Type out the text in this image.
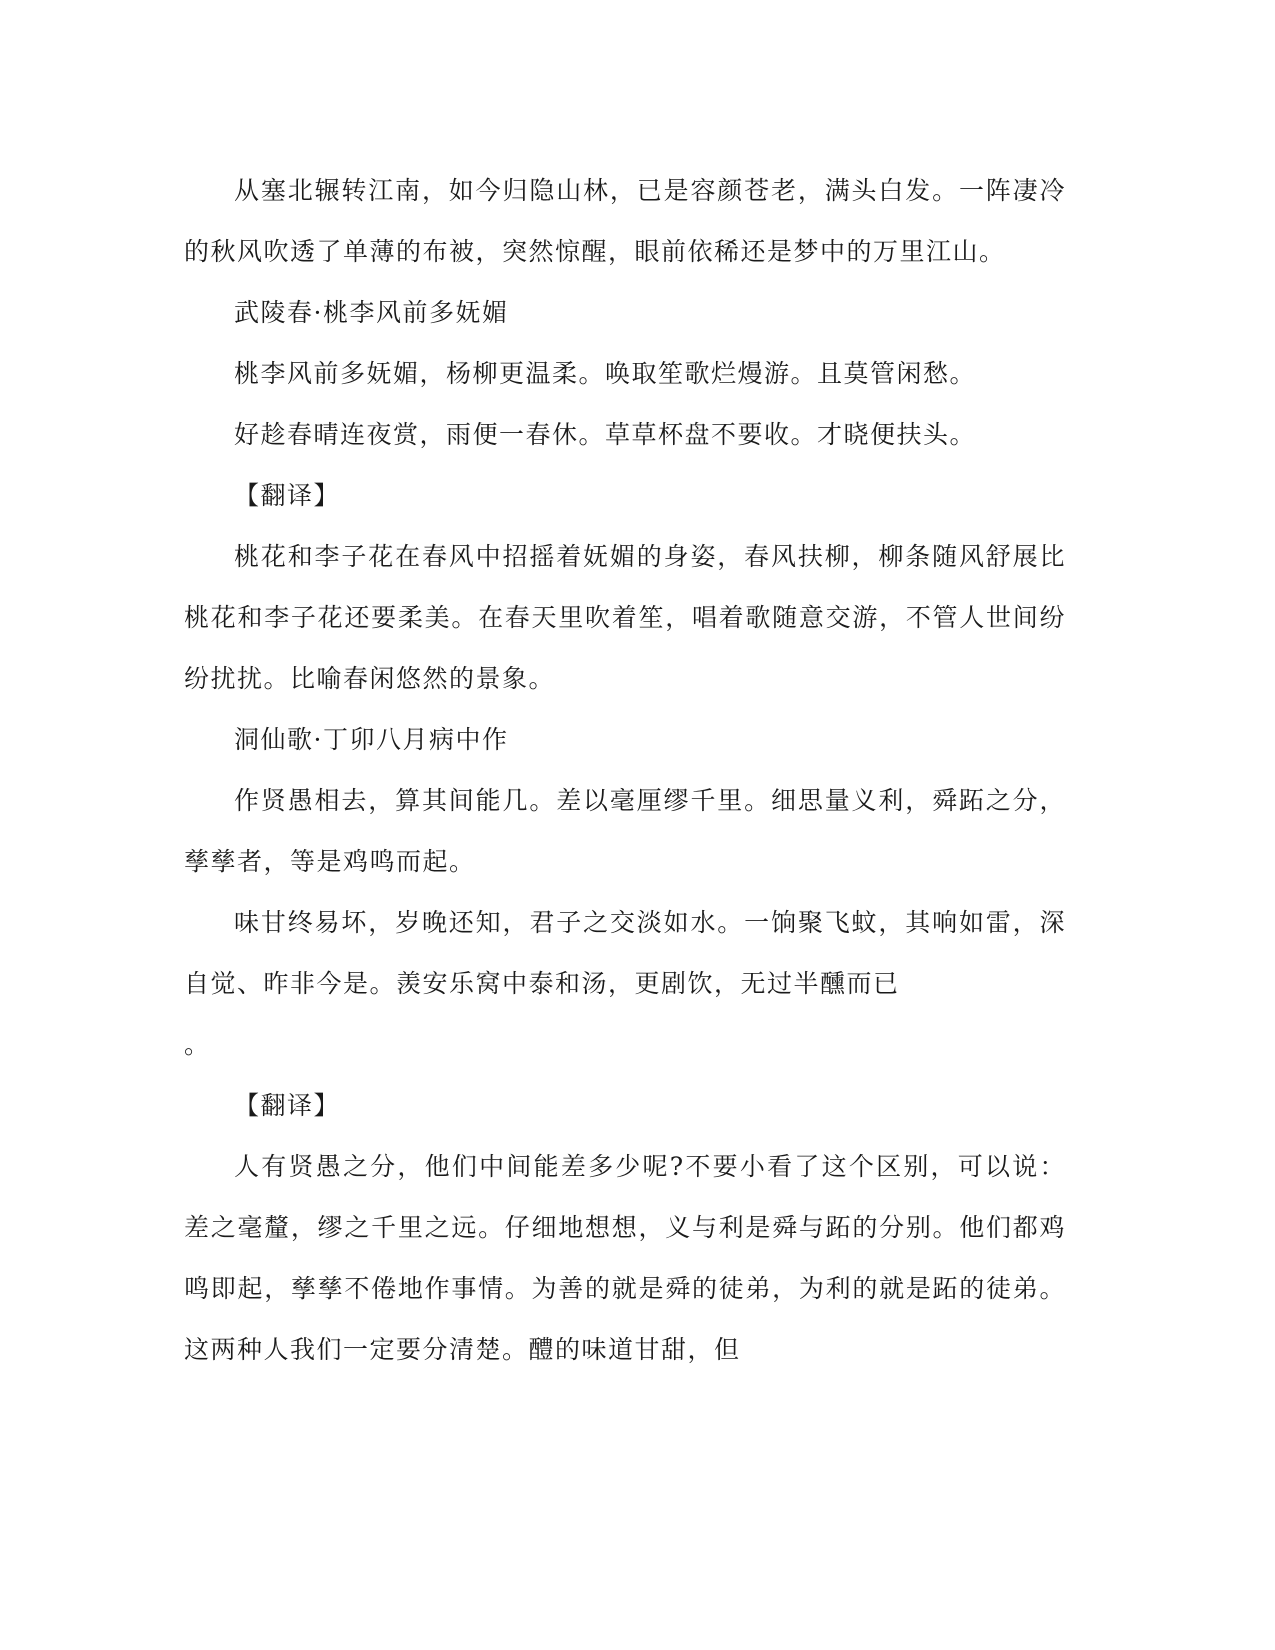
从塞北辗转江南，如今归隐山林，已是容颜苍老，满头白发。一阵凄冷的秋风吹透了单薄的布被，突然惊醒，眼前依稀还是梦中的万里江山。

武陵春·桃李风前多妩媚

桃李风前多妩媚，杨柳更温柔。唤取笙歌烂熳游。且莫管闲愁。

好趁春晴连夜赏，雨便一春休。草草杯盘不要收。才晓便扶头。

【翻译】

桃花和李子花在春风中招摇着妩媚的身姿，春风扶柳，柳条随风舒展比桃花和李子花还要柔美。在春天里吹着笙，唱着歌随意交游，不管人世间纷纷扰扰。比喻春闲悠然的景象。

洞仙歌·丁卯八月病中作

作贤愚相去，算其间能几。差以毫厘缪千里。细思量义利，舜跖之分，孳孳者，等是鸡鸣而起。

味甘终易坏，岁晚还知，君子之交淡如水。一饷聚飞蚊，其响如雷，深自觉、昨非今是。羡安乐窝中泰和汤，更剧饮，无过半醺而已

。

【翻译】

人有贤愚之分，他们中间能差多少呢?不要小看了这个区别，可以说：差之毫釐，缪之千里之远。仔细地想想，义与利是舜与跖的分别。他们都鸡鸣即起，孳孳不倦地作事情。为善的就是舜的徒弟，为利的就是跖的徒弟。这两种人我们一定要分清楚。醴的味道甘甜，但
